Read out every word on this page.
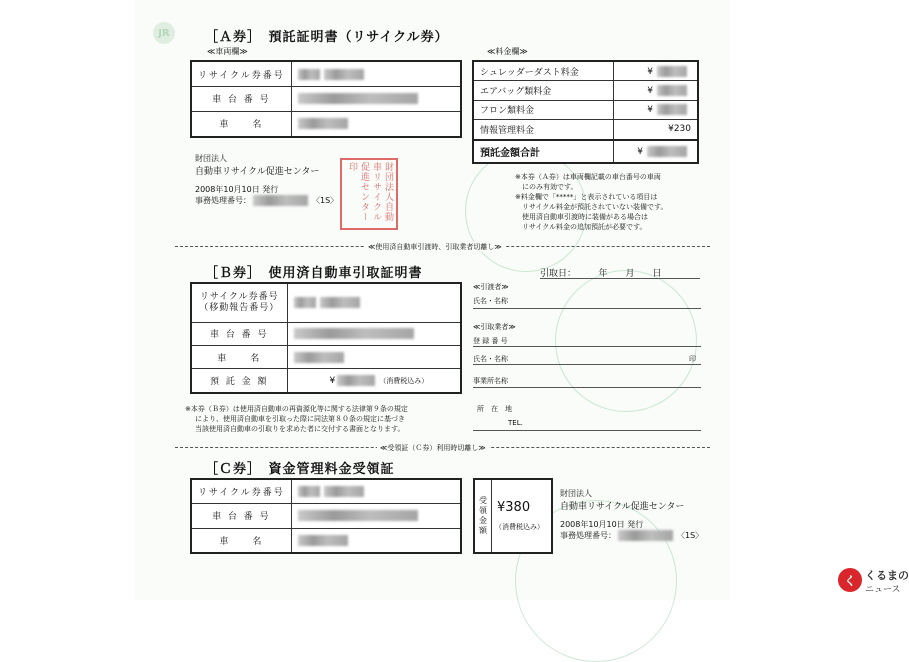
JR	［Ａ券］　預託証明書（リサイクル券）
≪車両欄≫	≪料金欄≫
リサイクル券番号	
車 台 番 号	
車　　名	
シュレッダーダスト料金	¥
エアバッグ類料金	¥
フロン類料金	¥
情報管理料金	¥230
預託金額合計	¥
財団法人
自動車リサイクル促進センター
2008年10月10日 発行
事務処理番号：	〈1S〉	財団法人自動車リサイクル促進センター印
※本券（Ａ券）は車両欄記載の車台番号の車両
　にのみ有効です。
※料金欄で「*****」と表示されている項目は
　リサイクル料金が預託されていない装備です。
　使用済自動車引渡時に装備がある場合は
　リサイクル料金の追加預託が必要です。
≪使用済自動車引渡時、引取業者切離し≫
［Ｂ券］　使用済自動車引取証明書	引取日：　　　年　　月　　日
リサイクル券番号
（移動報告番号）	

車 台 番 号	
車　　名	
預 託 金 額	¥ （消費税込み）
≪引渡者≫
氏名・名称
≪引取業者≫
登 録 番 号
氏名・名称	印
事業所名称
※本券（Ｂ券）は使用済自動車の再資源化等に関する法律第９条の規定
により、使用済自動車を引取った際に同法第８０条の規定に基づき
当該使用済自動車の引取りを求めた者に交付する書面となります。
所　在　地
TEL.
≪受領証（Ｃ券）利用時切離し≫
［Ｃ券］　資金管理料金受領証
リサイクル券番号	
車 台 番 号	
車　　名	
受領金額 ¥380
（消費税込み）
財団法人
自動車リサイクル促進センター
2008年10月10日 発行
事務処理番号：	〈1S〉
く くるまの
ニュース
